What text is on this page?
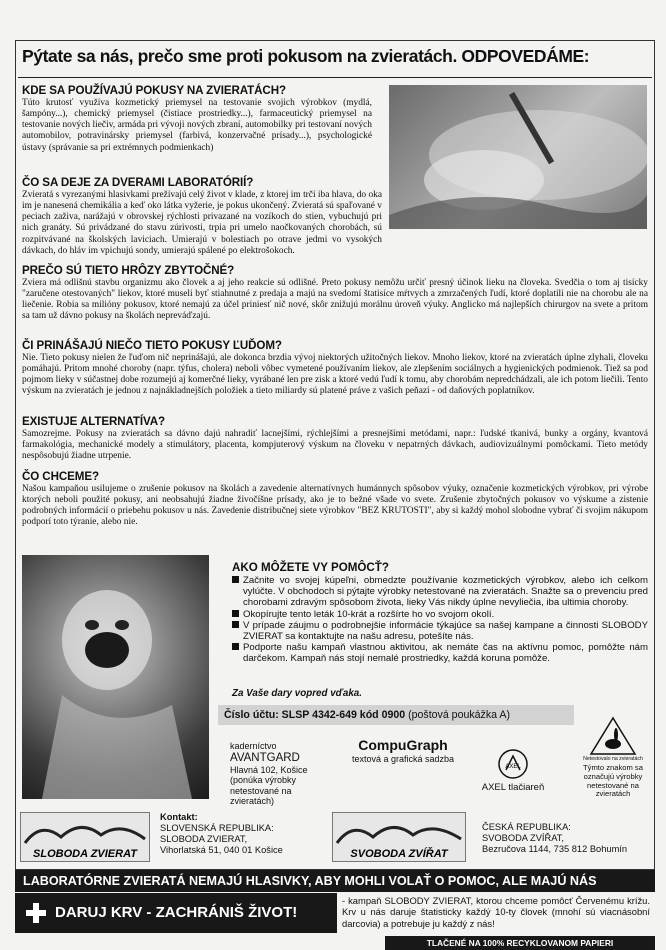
Pýtate sa nás, prečo sme proti pokusom na zvieratách. ODPOVEDÁME:
KDE SA POUŽÍVAJÚ POKUSY NA ZVIERATÁCH?
Túto krutosť využíva kozmetický priemysel na testovanie svojich výrobkov (mydlá, šampóny...), chemický priemysel (čistiace prostriedky...), farmaceutický priemysel na testovanie nových liečiv, armáda pri vývoji nových zbraní, automobilky pri testovaní nových automobilov, potravinársky priemysel (farbivá, konzervačné prísady...), psychologické ústavy (správanie sa pri extrémnych podmienkach)
ČO SA DEJE ZA DVERAMI LABORATÓRIÍ?
Zvieratá s vyrezanými hlasivkami prežívajú celý život v klade, z ktorej im trčí iba hlava, do oka im je nanesená chemikália a keď oko látka vyžerie, je pokus ukončený. Zvieratá sú spaľované v peciach zaživa, narážajú v obrovskej rýchlosti privazané na vozíkoch do stien, vybuchujú pri nich granáty. Sú privádzané do stavu zúrivosti, trpia pri umelo naočkovaných chorobách, sú rozpitvávané na školských laviciach. Umierajú v bolestiach po otrave jedmi vo vysokých dávkach, do hláv im vpichujú sondy, umierajú spálené po elektrošokoch.
PREČO SÚ TIETO HRÔZY ZBYTOČNÉ?
Zviera má odlišnú stavbu organizmu ako človek a aj jeho reakcie sú odlišné. Preto pokusy nemôžu určiť presný účinok lieku na človeka. Svedčia o tom aj tisícky "zaručene otestovaných" liekov, ktoré museli byť stiahnutné z predaja a majú na svedomí štatisíce mŕtvych a zmrzačených ľudí, ktoré doplatili nie na chorobu ale na liečenie. Robia sa milióny pokusov, ktoré nemajú za účel priniesť nič nové, skôr znižujú morálnu úroveň výuky. Anglicko má najlepších chirurgov na svete a pritom sa tam už dávno pokusy na školách nepreváďzajú.
ČI PRINÁŠAJÚ NIEČO TIETO POKUSY ĽUĎOM?
Nie. Tieto pokusy nielen že ľuďom nič neprinášajú, ale dokonca brzdia vývoj niektorých užitočných liekov. Mnoho liekov, ktoré na zvieratách úplne zlyhali, človeku pomáhajú. Pritom mnohé choroby (napr. týfus, cholera) neboli vôbec vymetené používaním liekov, ale zlepšením sociálnych a hygienických podmienok. Tiež sa pod pojmom lieky v súčastnej dobe rozumejú aj komerčné lieky, vyrábané len pre zisk a ktoré vedú ľudí k tomu, aby chorobám nepredchádzali, ale ich potom liečili. Tento výskum na zvieratách je jednou z najnákladnejších položiek a tieto miliardy sú platené práve z vašich peňazí - od daňových poplatníkov.
EXISTUJE ALTERNATÍVA?
Samozrejme. Pokusy na zvieratách sa dávno dajú nahradiť lacnejšími, rýchlejšími a presnejšími metódami, napr.: ľudské tkanivá, bunky a orgány, kvantová farmakológia, mechanické modely a stimulátory, placenta, kompjuterový výskum na človeku v nepatrných dávkach, audiovizuálnymi pomôckami. Tieto metódy nespôsobujú žiadne utrpenie.
ČO CHCEME?
Našou kampaňou usilujeme o zrušenie pokusov na školách a zavedenie alternatívnych humánnych spôsobov výuky, označenie kozmetických výrobkov, pri výrobe ktorých neboli použité pokusy, ani neobsahujú žiadne živočíšne prísady, ako je to bežné všade vo svete. Zrušenie zbytočných pokusov vo výskume a zistenie podrobných informácií o priebehu pokusov u nás. Zavedenie distribučnej siete výrobkov "BEZ KRUTOSTI", aby si každý mohol slobodne vybrať či svojim nákupom podporí toto týranie, alebo nie.
AKO MÔŽETE VY POMÔCŤ?

Začnite vo svojej kúpeľni, obmedzte používanie kozmetických výrobkov, alebo ich celkom vylúčte. V obchodoch si pýtajte výrobky netestované na zvieratách. Snažte sa o prevenciu pred chorobami zdravým spôsobom života, lieky Vás nikdy úplne nevyliečia, iba ultimia choroby.

Okopírujte tento leták 10-krát a rozšírte ho vo svojom okolí.

V prípade záujmu o podrobnejšie informácie týkajúce sa našej kampane a činnosti SLOBODY ZVIERAT sa kontaktujte na našu adresu, potešíte nás.

Podporte našu kampaň vlastnou aktivitou, ak nemáte čas na aktívnu pomoc, pomôžte nám darčekom. Kampaň nás stojí nemalé prostriedky, každá koruna pomôže.

Za Vaše dary vopred vďaka.
Číslo účtu: SLSP 4342-649 kód 0900 (poštová poukážka A)
kaderníctvo
AVANTGARD
Hlavná 102, Košice
(ponúka výrobky netestované na zvieratách)
CompuGraph
textová a grafická sadzba
AXEL
AXEL tlačiareň
Netestovalo na zvieratách
Týmto znakom sa označujú výrobky netestované na zvieratách
SLOBODA ZVIERAT
Kontakt:
SLOVENSKÁ REPUBLIKA:
SLOBODA ZVIERAT,
Vihorlatská 51, 040 01 Košice	SVOBODA ZVÍŘAT
ČESKÁ REPUBLIKA:
SVOBODA ZVÍŘAT,
Bezručova 1144, 735 812 Bohumín
LABORATÓRNE ZVIERATÁ NEMAJÚ HLASIVKY, ABY MOHLI VOLAŤ O POMOC, ALE MAJÚ NÁS
DARUJ KRV - ZACHRÁNIŠ ŽIVOT!
- kampaň SLOBODY ZVIERAT, ktorou chceme pomôcť Červenému krížu. Krv u nás daruje štatisticky každý 10-ty človek (mnohí sú viacnásobní darcovia) a potrebuje ju každý z nás!
TLAČENÉ NA 100% RECYKLOVANOM PAPIERI
